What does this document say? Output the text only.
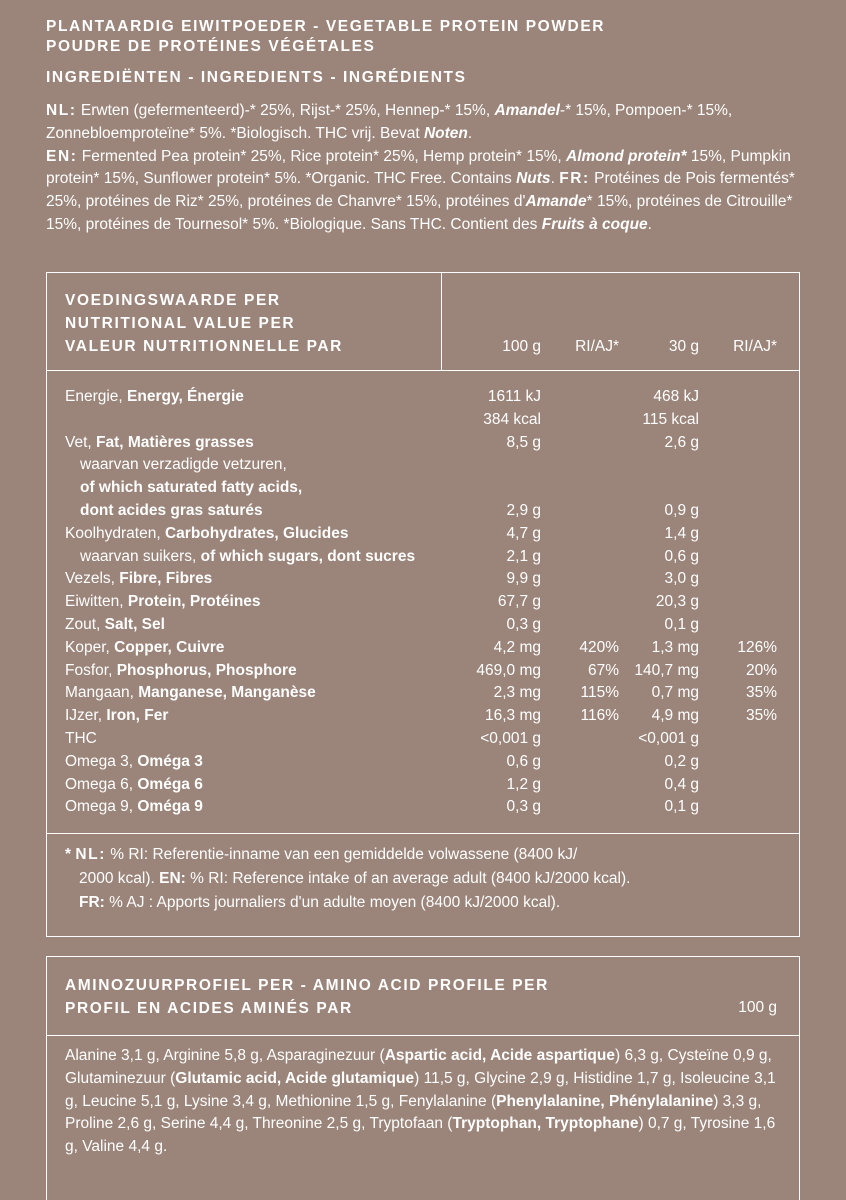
PLANTAARDIG EIWITPOEDER - VEGETABLE PROTEIN POWDER
POUDRE DE PROTÉINES VÉGÉTALES
INGREDIËNTEN - INGREDIENTS - INGRÉDIENTS
NL: Erwten (gefermenteerd)-* 25%, Rijst-* 25%, Hennep-* 15%, Amandel-* 15%, Pompoen-* 15%, Zonnebloemproteïne* 5%. *Biologisch. THC vrij. Bevat Noten.
EN: Fermented Pea protein* 25%, Rice protein* 25%, Hemp protein* 15%, Almond protein* 15%, Pumpkin protein* 15%, Sunflower protein* 5%. *Organic. THC Free. Contains Nuts. FR: Protéines de Pois fermentés* 25%, protéines de Riz* 25%, protéines de Chanvre* 15%, protéines d'Amande* 15%, protéines de Citrouille* 15%, protéines de Tournesol* 5%. *Biologique. Sans THC. Contient des Fruits à coque.
VOEDINGSWAARDE PER
NUTRITIONAL VALUE PER
VALEUR NUTRITIONNELLE PAR	100 g	RI/AJ*	30 g	RI/AJ*
Energie, Energy, Énergie	1611 kJ	468 kJ
384 kcal	115 kcal
Vet, Fat, Matières grasses	8,5 g	2,6 g
waarvan verzadigde vetzuren,
of which saturated fatty acids,
dont acides gras saturés	2,9 g	0,9 g
Koolhydraten, Carbohydrates, Glucides	4,7 g	1,4 g
waarvan suikers, of which sugars, dont sucres	2,1 g	0,6 g
Vezels, Fibre, Fibres	9,9 g	3,0 g
Eiwitten, Protein, Protéines	67,7 g	20,3 g
Zout, Salt, Sel	0,3 g	0,1 g
Koper, Copper, Cuivre	4,2 mg	420%	1,3 mg	126%
Fosfor, Phosphorus, Phosphore	469,0 mg	67% 140,7 mg	20%
Mangaan, Manganese, Manganèse	2,3 mg	115%	0,7 mg	35%
IJzer, Iron, Fer	16,3 mg	116%	4,9 mg	35%
THC	<0,001 g	<0,001 g
Omega 3, Oméga 3	0,6 g	0,2 g
Omega 6, Oméga 6	1,2 g	0,4 g
Omega 9, Oméga 9	0,3 g	0,1 g
* NL: % RI: Referentie-inname van een gemiddelde volwassene (8400 kJ/
2000 kcal). EN: % RI: Reference intake of an average adult (8400 kJ/2000 kcal).
FR: % AJ : Apports journaliers d'un adulte moyen (8400 kJ/2000 kcal).
AMINOZUURPROFIEL PER - AMINO ACID PROFILE PER
PROFIL EN ACIDES AMINÉS PAR	100 g
Alanine 3,1 g, Arginine 5,8 g, Asparaginezuur (Aspartic acid, Acide aspartique) 6,3 g, Cysteïne 0,9 g, Glutaminezuur (Glutamic acid, Acide glutamique) 11,5 g, Glycine 2,9 g, Histidine 1,7 g, Isoleucine 3,1 g, Leucine 5,1 g, Lysine 3,4 g, Methionine 1,5 g, Fenylalanine (Phenylalanine, Phénylalanine) 3,3 g, Proline 2,6 g, Serine 4,4 g, Threonine 2,5 g, Tryptofaan (Tryptophan, Tryptophane) 0,7 g, Tyrosine 1,6 g, Valine 4,4 g.
